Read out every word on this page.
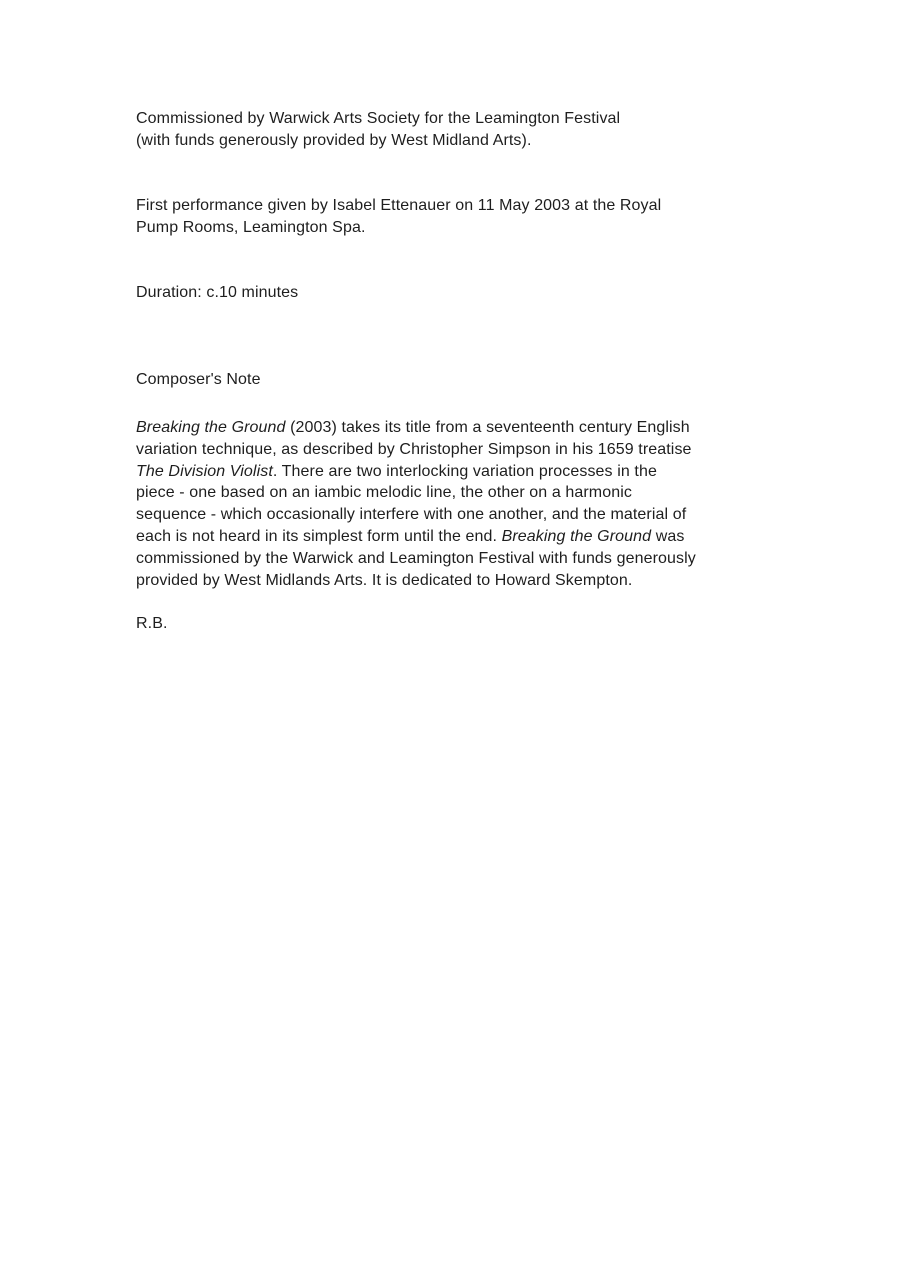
Commissioned by Warwick Arts Society for the Leamington Festival
(with funds generously provided by West Midland Arts).

First performance given by Isabel Ettenauer on 11 May 2003 at the Royal
Pump Rooms, Leamington Spa.

Duration: c.10 minutes

Composer's Note

Breaking the Ground (2003) takes its title from a seventeenth century English
variation technique, as described by Christopher Simpson in his 1659 treatise
The Division Violist. There are two interlocking variation processes in the
piece - one based on an iambic melodic line, the other on a harmonic
sequence - which occasionally interfere with one another, and the material of
each is not heard in its simplest form until the end. Breaking the Ground was
commissioned by the Warwick and Leamington Festival with funds generously
provided by West Midlands Arts. It is dedicated to Howard Skempton.

R.B.
